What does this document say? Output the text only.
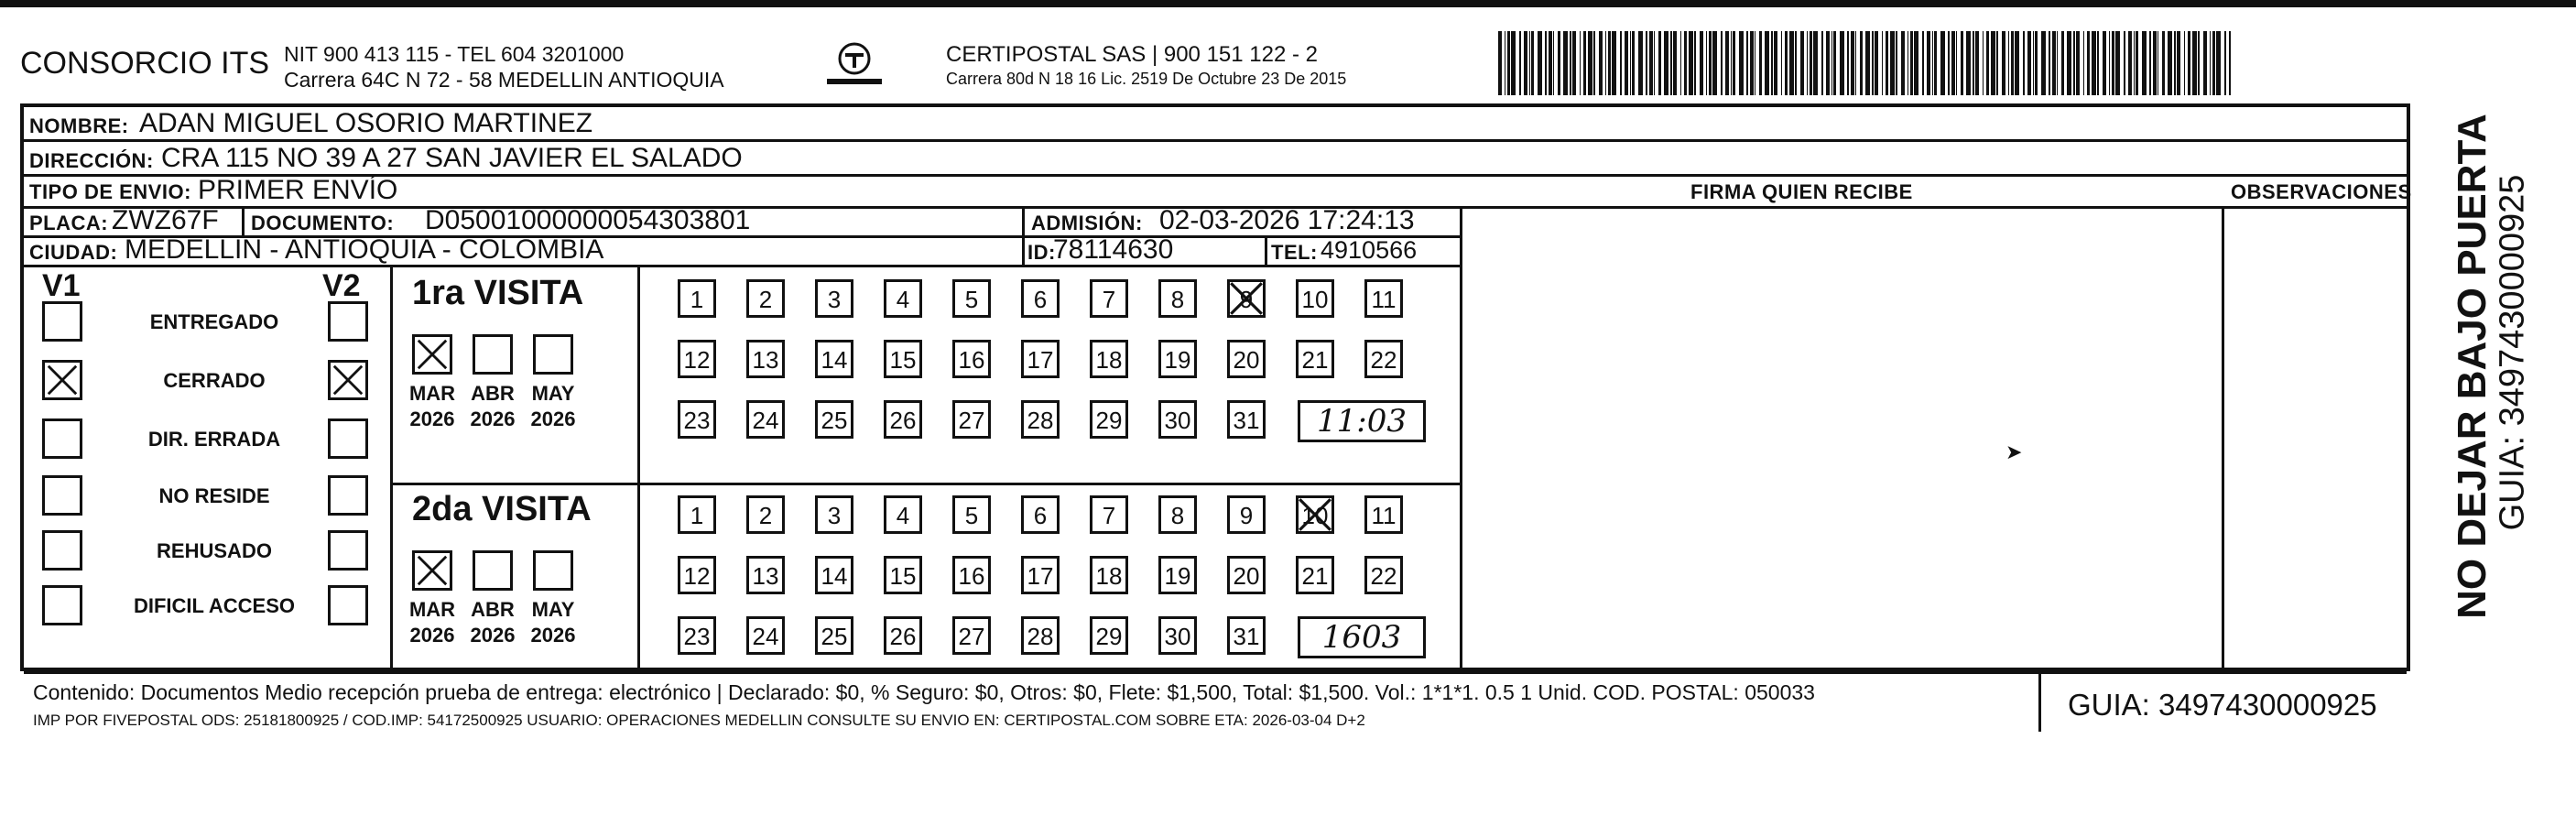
CONSORCIO ITS NIT 900 413 115 - TEL 604 3201000
Carrera 64C N 72 - 58 MEDELLIN ANTIOQUIA
CERTIPOSTAL SAS | 900 151 122 - 2
Carrera 80d N 18 16 Lic. 2519 De Octubre 23 De 2015
NOMBRE: ADAN MIGUEL OSORIO MARTINEZ
DIRECCIÓN: CRA 115 NO 39 A 27 SAN JAVIER EL SALADO
TIPO DE ENVIO: PRIMER ENVÍO	FIRMA QUIEN RECIBE	OBSERVACIONES
PLACA: ZWZ67F DOCUMENTO: D05001000000054303801	ADMISIÓN: 02-03-2026 17:24:13
CIUDAD: MEDELLIN - ANTIOQUIA - COLOMBIA	ID:
78114630	TEL: 4910566
V1	V2
ENTREGADO
CERRADO
DIR. ERRADA
NO RESIDE
REHUSADO
DIFICIL ACCESO
1ra VISITA
MAR
2026
ABR
2026
MAY
2026
1	2	3	4	5	6	7	8	9	10 11
12 13 14 15 16 17 18 19 20 21 22
23 24 25 26 27 28 29 30 31	11:03
2da VISITA
MAR
2026
ABR
2026
MAY
2026
1	2	3	4	5	6	7	8	9	10 11
12 13 14 15 16 17 18 19 20 21 22
23 24 25 26 27 28 29 30 31	1603
➤
Contenido: Documentos Medio recepción prueba de entrega: electrónico | Declarado: $0, % Seguro: $0, Otros: $0, Flete: $1,500, Total: $1,500. Vol.: 1*1*1. 0.5 1 Unid. COD. POSTAL: 050033
IMP POR FIVEPOSTAL ODS: 25181800925 / COD.IMP: 54172500925 USUARIO: OPERACIONES MEDELLIN CONSULTE SU ENVIO EN: CERTIPOSTAL.COM SOBRE ETA: 2026-03-04 D+2	GUIA: 3497430000925
NO DEJAR BAJO PUERTA
GUIA: 3497430000925
